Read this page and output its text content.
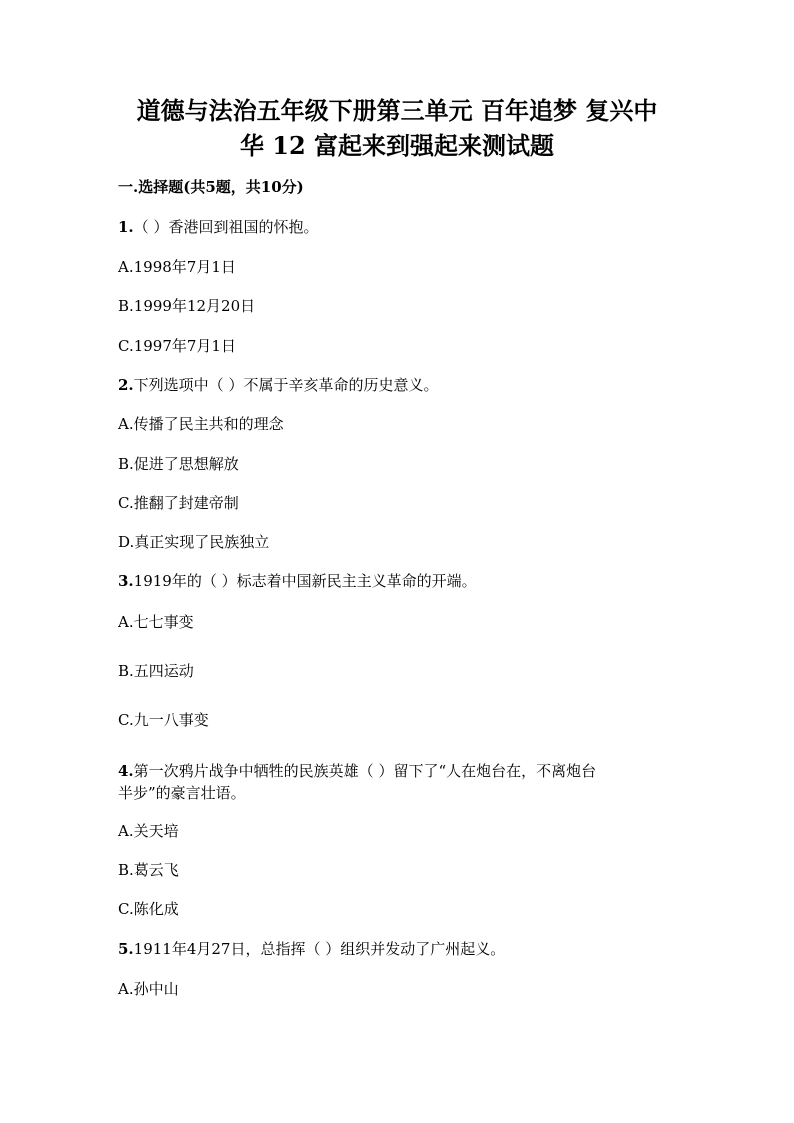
道德与法治五年级下册第三单元 百年追梦 复兴中
华 12 富起来到强起来测试题
一.选择题(共5题，共10分)
1.（ ）香港回到祖国的怀抱。
A.1998年7月1日
B.1999年12月20日
C.1997年7月1日
2.下列选项中（ ）不属于辛亥革命的历史意义。
A.传播了民主共和的理念
B.促进了思想解放
C.推翻了封建帝制
D.真正实现了民族独立
3.1919年的（ ）标志着中国新民主主义革命的开端。
A.七七事变
B.五四运动
C.九一八事变
4.第一次鸦片战争中牺牲的民族英雄（ ）留下了“人在炮台在，不离炮台
半步”的豪言壮语。
A.关天培
B.葛云飞
C.陈化成
5.1911年4月27日，总指挥（ ）组织并发动了广州起义。
A.孙中山
